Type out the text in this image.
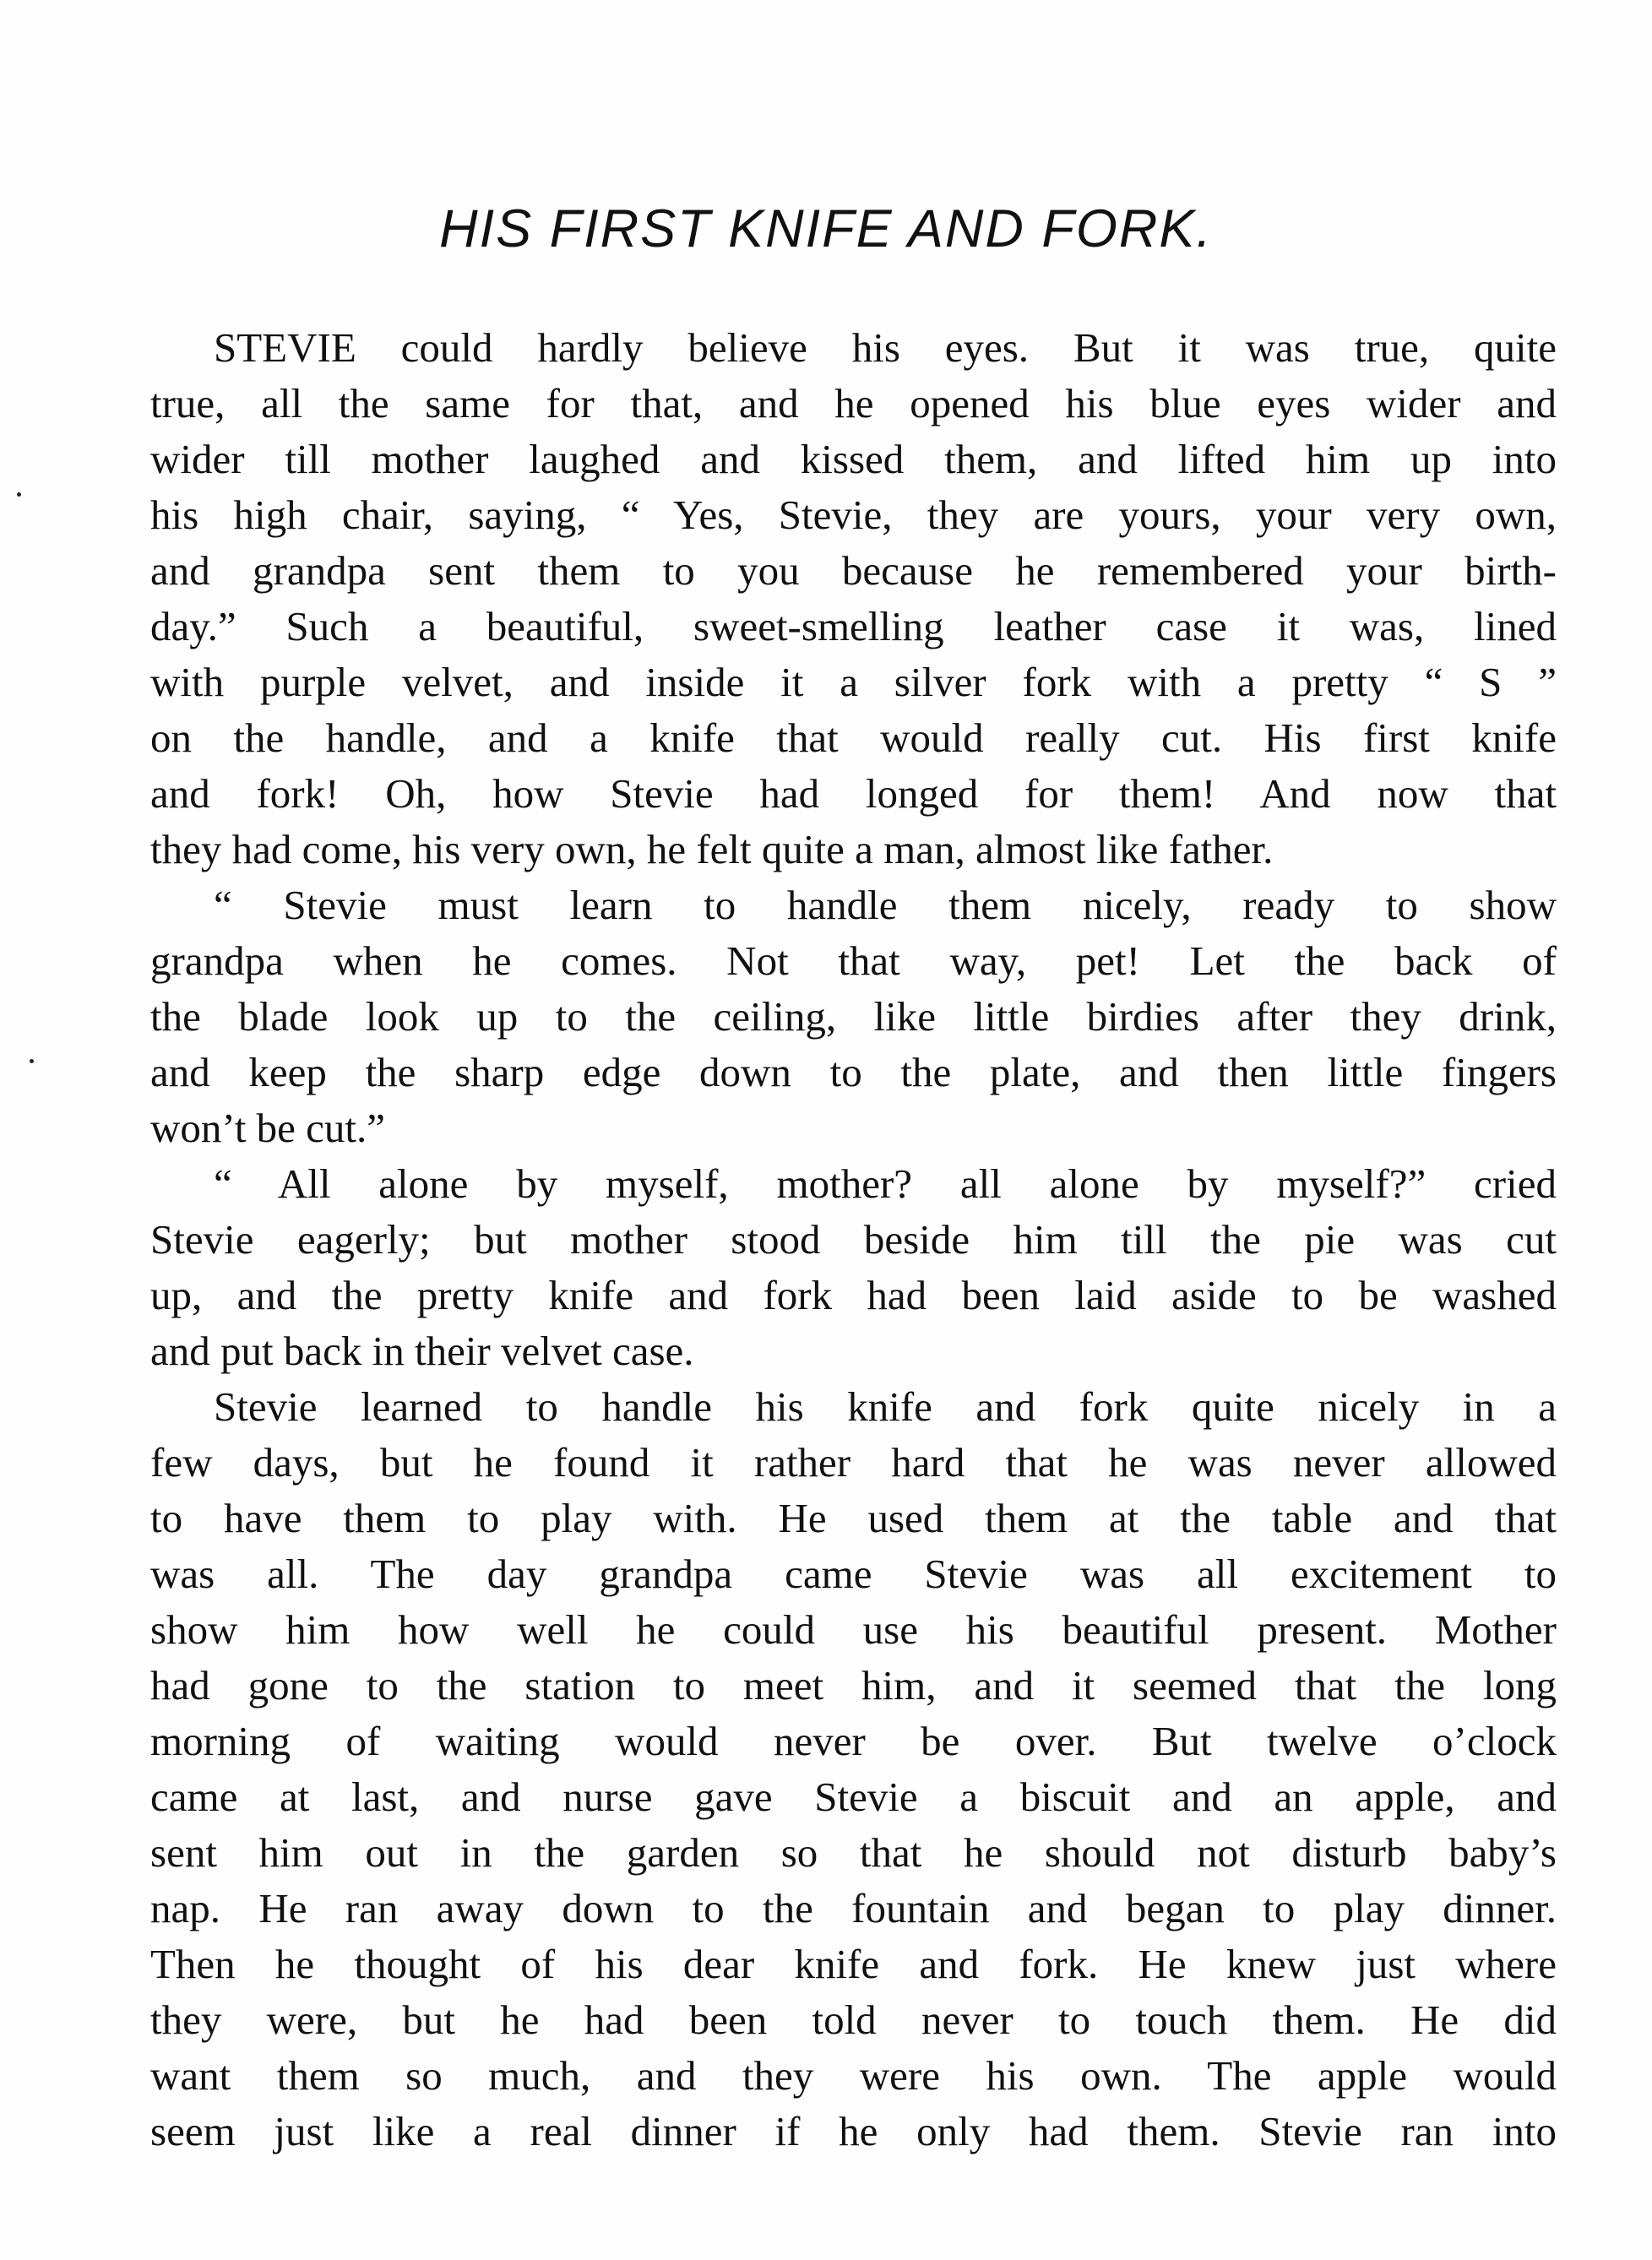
HIS FIRST KNIFE AND FORK.
STEVIE could hardly believe his eyes. But it was true, quite
true, all the same for that, and he opened his blue eyes wider and
wider till mother laughed and kissed them, and lifted him up into
his high chair, saying, “ Yes, Stevie, they are yours, your very own,
and grandpa sent them to you because he remembered your birth-
day.” Such a beautiful, sweet-smelling leather case it was, lined
with purple velvet, and inside it a silver fork with a pretty “ S ”
on the handle, and a knife that would really cut. His first knife
and fork! Oh, how Stevie had longed for them! And now that
they had come, his very own, he felt quite a man, almost like father.
“ Stevie must learn to handle them nicely, ready to show
grandpa when he comes. Not that way, pet! Let the back of
the blade look up to the ceiling, like little birdies after they drink,
and keep the sharp edge down to the plate, and then little fingers
won’t be cut.”
“ All alone by myself, mother? all alone by myself?” cried
Stevie eagerly; but mother stood beside him till the pie was cut
up, and the pretty knife and fork had been laid aside to be washed
and put back in their velvet case.
Stevie learned to handle his knife and fork quite nicely in a
few days, but he found it rather hard that he was never allowed
to have them to play with. He used them at the table and that
was all. The day grandpa came Stevie was all excitement to
show him how well he could use his beautiful present. Mother
had gone to the station to meet him, and it seemed that the long
morning of waiting would never be over. But twelve o’clock
came at last, and nurse gave Stevie a biscuit and an apple, and
sent him out in the garden so that he should not disturb baby’s
nap. He ran away down to the fountain and began to play dinner.
Then he thought of his dear knife and fork. He knew just where
they were, but he had been told never to touch them. He did
want them so much, and they were his own. The apple would
seem just like a real dinner if he only had them. Stevie ran into
